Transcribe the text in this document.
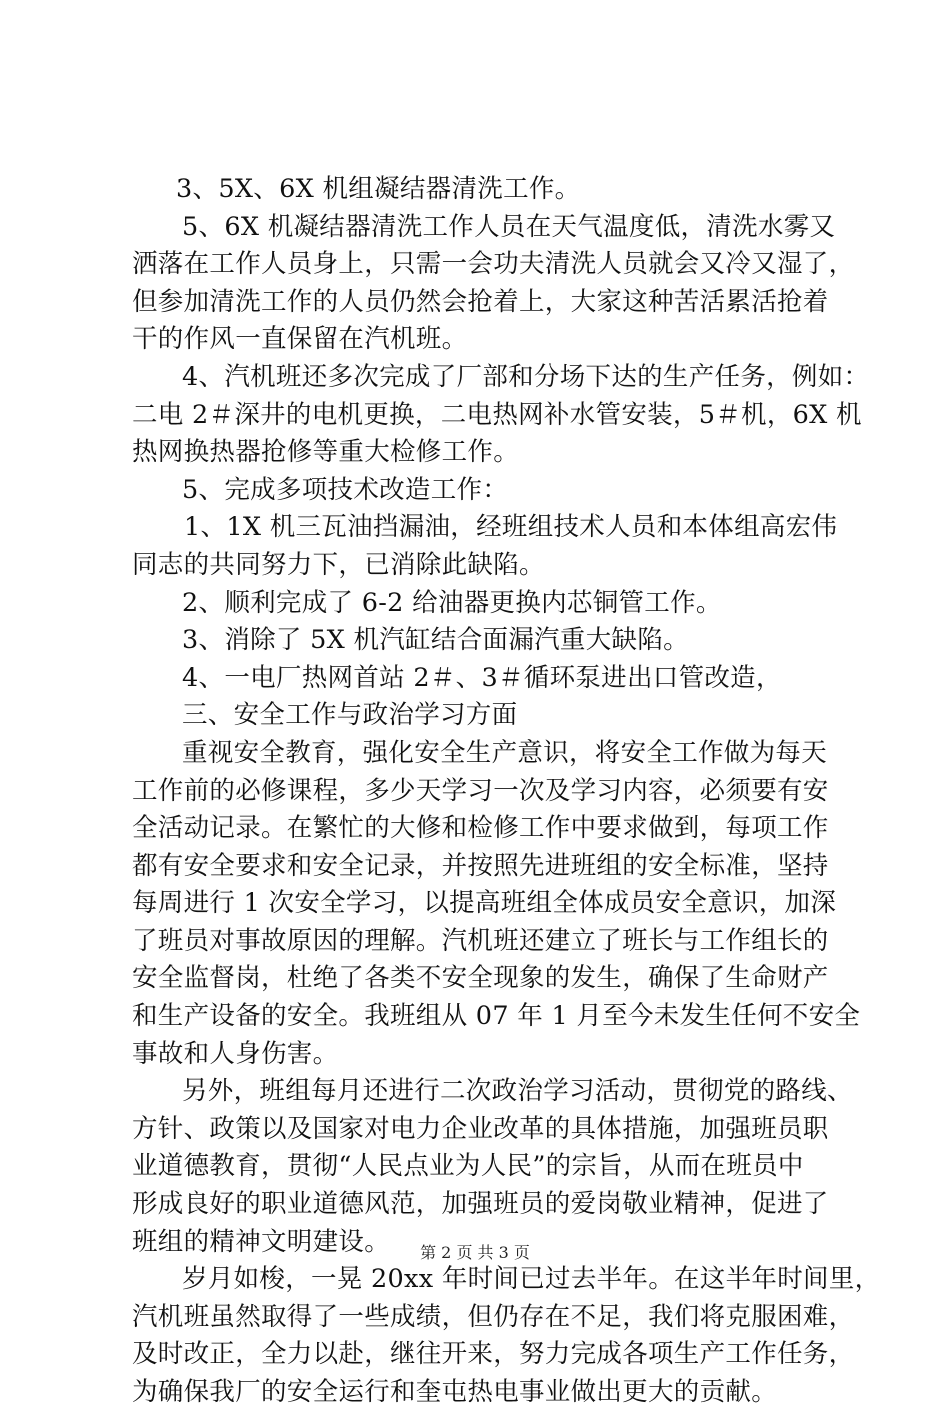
3、5X、6X 机组凝结器清洗工作。
5、6X 机凝结器清洗工作人员在天气温度低，清洗水雾又
洒落在工作人员身上，只需一会功夫清洗人员就会又冷又湿了，
但参加清洗工作的人员仍然会抢着上，大家这种苦活累活抢着
干的作风一直保留在汽机班。
4、汽机班还多次完成了厂部和分场下达的生产任务，例如：
二电 2＃深井的电机更换，二电热网补水管安装，5＃机，6X 机
热网换热器抢修等重大检修工作。
5、完成多项技术改造工作：
1、1X 机三瓦油挡漏油，经班组技术人员和本体组高宏伟
同志的共同努力下，已消除此缺陷。
2、顺利完成了 6-2 给油器更换内芯铜管工作。
3、消除了 5X 机汽缸结合面漏汽重大缺陷。
4、一电厂热网首站 2＃、3＃循环泵进出口管改造，
三、安全工作与政治学习方面
重视安全教育，强化安全生产意识，将安全工作做为每天
工作前的必修课程，多少天学习一次及学习内容，必须要有安
全活动记录。在繁忙的大修和检修工作中要求做到，每项工作
都有安全要求和安全记录，并按照先进班组的安全标准，坚持
每周进行 1 次安全学习，以提高班组全体成员安全意识，加深
了班员对事故原因的理解。汽机班还建立了班长与工作组长的
安全监督岗，杜绝了各类不安全现象的发生，确保了生命财产
和生产设备的安全。我班组从 07 年 1 月至今未发生任何不安全
事故和人身伤害。
另外，班组每月还进行二次政治学习活动，贯彻党的路线、
方针、政策以及国家对电力企业改革的具体措施，加强班员职
业道德教育，贯彻“人民点业为人民”的宗旨，从而在班员中
形成良好的职业道德风范，加强班员的爱岗敬业精神，促进了
班组的精神文明建设。
岁月如梭，一晃 20xx 年时间已过去半年。在这半年时间里，
汽机班虽然取得了一些成绩，但仍存在不足，我们将克服困难，
及时改正，全力以赴，继往开来，努力完成各项生产工作任务，
为确保我厂的安全运行和奎屯热电事业做出更大的贡献。
第 2 页 共 3 页
